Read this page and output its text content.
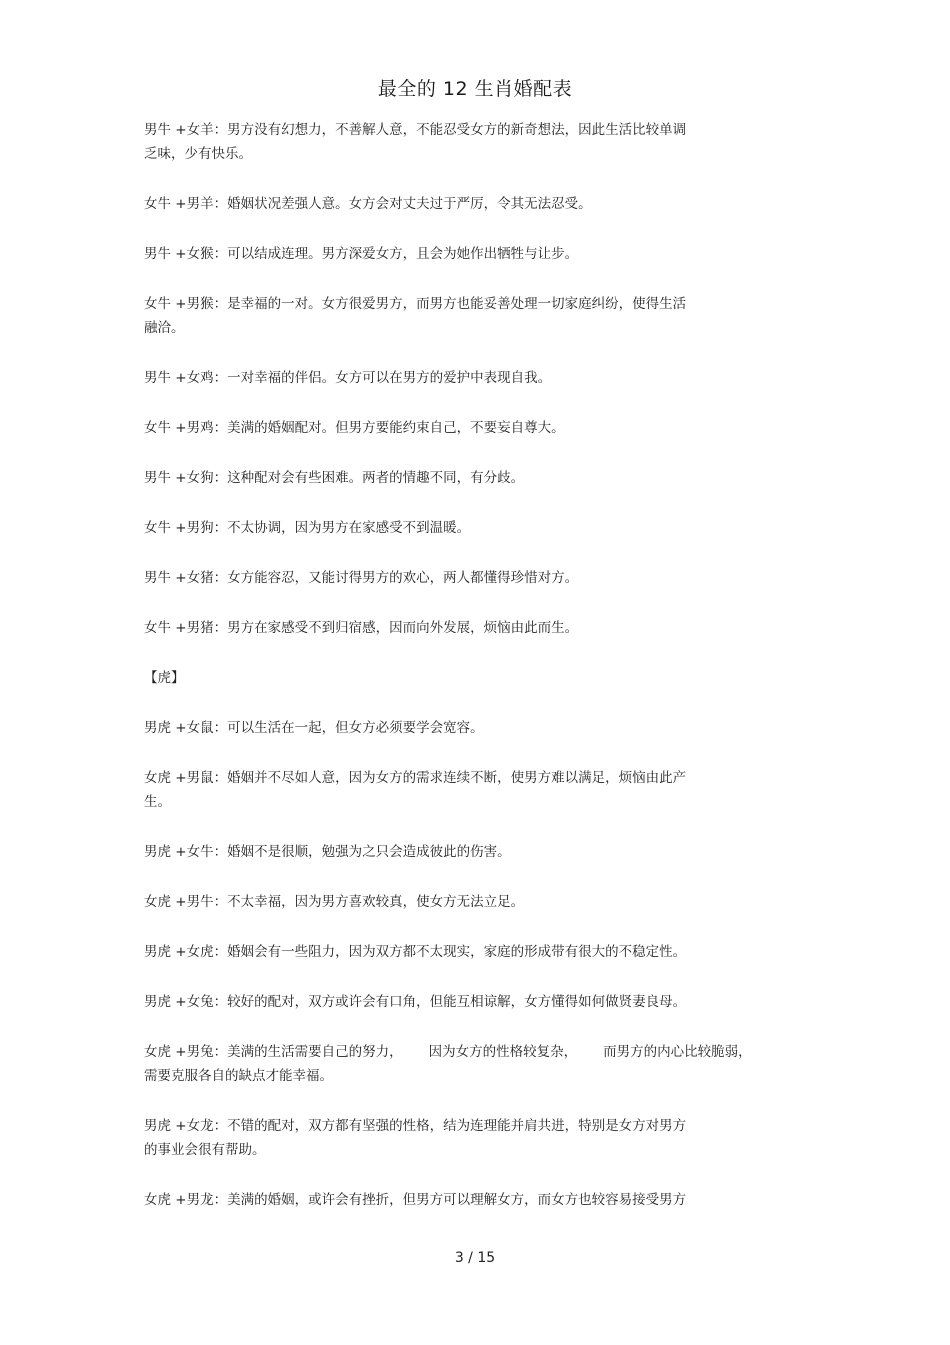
最全的 12 生肖婚配表
男牛 +女羊：男方没有幻想力，不善解人意，不能忍受女方的新奇想法，因此生活比较单调
乏味，少有快乐。
女牛 +男羊：婚姻状况差强人意。女方会对丈夫过于严厉，令其无法忍受。
男牛 +女猴：可以结成连理。男方深爱女方，且会为她作出牺牲与让步。
女牛 +男猴：是幸福的一对。女方很爱男方，而男方也能妥善处理一切家庭纠纷，使得生活
融洽。
男牛 +女鸡：一对幸福的伴侣。女方可以在男方的爱护中表现自我。
女牛 +男鸡：美满的婚姻配对。但男方要能约束自己，不要妄自尊大。
男牛 +女狗：这种配对会有些困难。两者的情趣不同，有分歧。
女牛 +男狗：不太协调，因为男方在家感受不到温暖。
男牛 +女猪：女方能容忍，又能讨得男方的欢心，两人都懂得珍惜对方。
女牛 +男猪：男方在家感受不到归宿感，因而向外发展，烦恼由此而生。
【虎】
男虎 +女鼠：可以生活在一起，但女方必须要学会宽容。
女虎 +男鼠：婚姻并不尽如人意，因为女方的需求连续不断，使男方难以满足，烦恼由此产
生。
男虎 +女牛：婚姻不是很顺，勉强为之只会造成彼此的伤害。
女虎 +男牛：不太幸福，因为男方喜欢较真，使女方无法立足。
男虎 +女虎：婚姻会有一些阻力，因为双方都不太现实，家庭的形成带有很大的不稳定性。
男虎 +女兔：较好的配对，双方或许会有口角，但能互相谅解，女方懂得如何做贤妻良母。
女虎 +男兔：美满的生活需要自己的努力， 因为女方的性格较复杂， 而男方的内心比较脆弱，
需要克服各自的缺点才能幸福。
男虎 +女龙：不错的配对，双方都有坚强的性格，结为连理能并肩共进，特别是女方对男方
的事业会很有帮助。
女虎 +男龙：美满的婚姻，或许会有挫折，但男方可以理解女方，而女方也较容易接受男方
3 / 15
